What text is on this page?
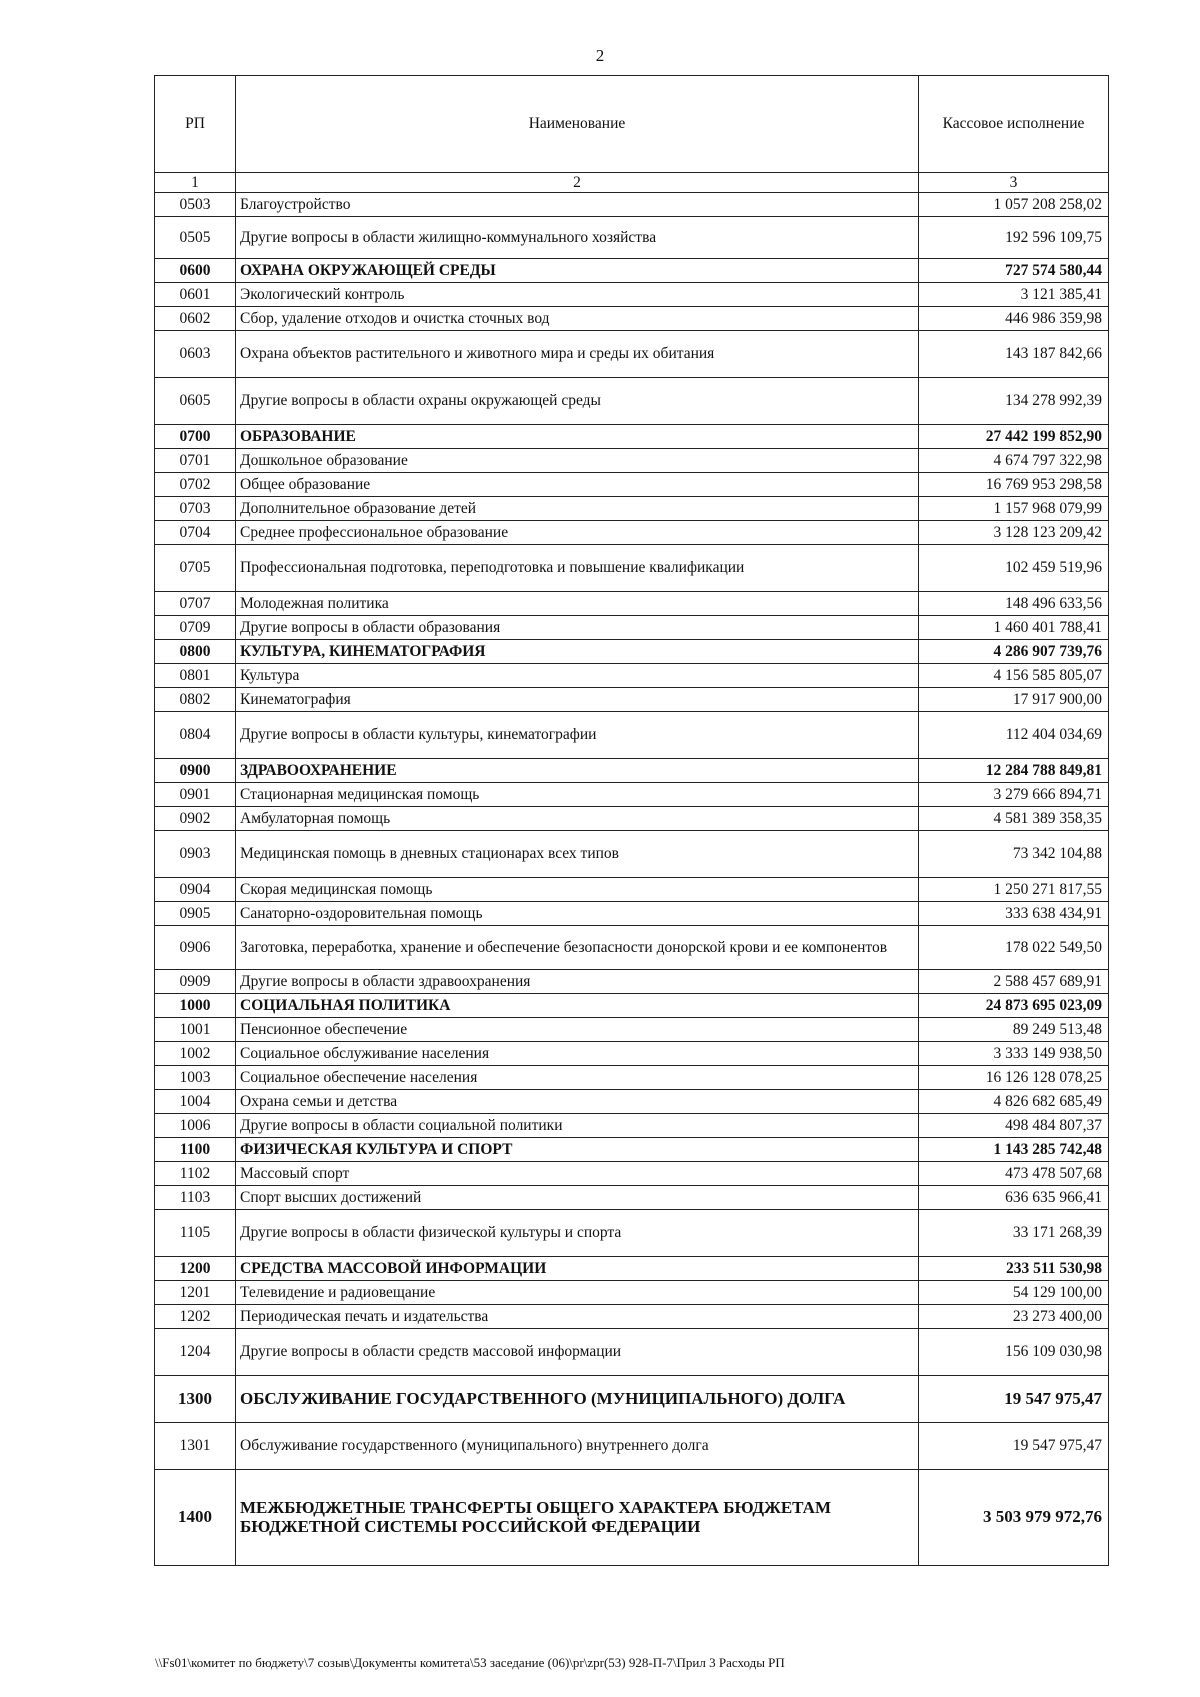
2
РП	Наименование	Кассовое исполнение
1	2	3
0503	Благоустройство	1 057 208 258,02
0505	Другие вопросы в области жилищно-коммунального хозяйства	192 596 109,75
0600	ОХРАНА ОКРУЖАЮЩЕЙ СРЕДЫ	727 574 580,44
0601	Экологический контроль	3 121 385,41
0602	Сбор, удаление отходов и очистка сточных вод	446 986 359,98
0603	Охрана объектов растительного и животного мира и среды их обитания	143 187 842,66
0605	Другие вопросы в области охраны окружающей среды	134 278 992,39
0700	ОБРАЗОВАНИЕ	27 442 199 852,90
0701	Дошкольное образование	4 674 797 322,98
0702	Общее образование	16 769 953 298,58
0703	Дополнительное образование детей	1 157 968 079,99
0704	Среднее профессиональное образование	3 128 123 209,42
0705	Профессиональная подготовка, переподготовка и повышение квалификации	102 459 519,96
0707	Молодежная политика	148 496 633,56
0709	Другие вопросы в области образования	1 460 401 788,41
0800	КУЛЬТУРА, КИНЕМАТОГРАФИЯ	4 286 907 739,76
0801	Культура	4 156 585 805,07
0802	Кинематография	17 917 900,00
0804	Другие вопросы в области культуры, кинематографии	112 404 034,69
0900	ЗДРАВООХРАНЕНИЕ	12 284 788 849,81
0901	Стационарная медицинская помощь	3 279 666 894,71
0902	Амбулаторная помощь	4 581 389 358,35
0903	Медицинская помощь в дневных стационарах всех типов	73 342 104,88
0904	Скорая медицинская помощь	1 250 271 817,55
0905	Санаторно-оздоровительная помощь	333 638 434,91
0906	Заготовка, переработка, хранение и обеспечение безопасности донорской крови и ее компонентов	178 022 549,50
0909	Другие вопросы в области здравоохранения	2 588 457 689,91
1000	СОЦИАЛЬНАЯ ПОЛИТИКА	24 873 695 023,09
1001	Пенсионное обеспечение	89 249 513,48
1002	Социальное обслуживание населения	3 333 149 938,50
1003	Социальное обеспечение населения	16 126 128 078,25
1004	Охрана семьи и детства	4 826 682 685,49
1006	Другие вопросы в области социальной политики	498 484 807,37
1100	ФИЗИЧЕСКАЯ КУЛЬТУРА И СПОРТ	1 143 285 742,48
1102	Массовый спорт	473 478 507,68
1103	Спорт высших достижений	636 635 966,41
1105	Другие вопросы в области физической культуры и спорта	33 171 268,39
1200	СРЕДСТВА МАССОВОЙ ИНФОРМАЦИИ	233 511 530,98
1201	Телевидение и радиовещание	54 129 100,00
1202	Периодическая печать и издательства	23 273 400,00
1204	Другие вопросы в области средств массовой информации	156 109 030,98
1300	ОБСЛУЖИВАНИЕ ГОСУДАРСТВЕННОГО (МУНИЦИПАЛЬНОГО) ДОЛГА	19 547 975,47
1301	Обслуживание государственного (муниципального) внутреннего долга	19 547 975,47
1400	МЕЖБЮДЖЕТНЫЕ ТРАНСФЕРТЫ ОБЩЕГО ХАРАКТЕРА БЮДЖЕТАМ БЮДЖЕТНОЙ СИСТЕМЫ РОССИЙСКОЙ ФЕДЕРАЦИИ	3 503 979 972,76
\\Fs01\комитет по бюджету\7 созыв\Документы комитета\53 заседание (06)\pr\zpr(53) 928-П-7\Прил 3 Расходы РП
